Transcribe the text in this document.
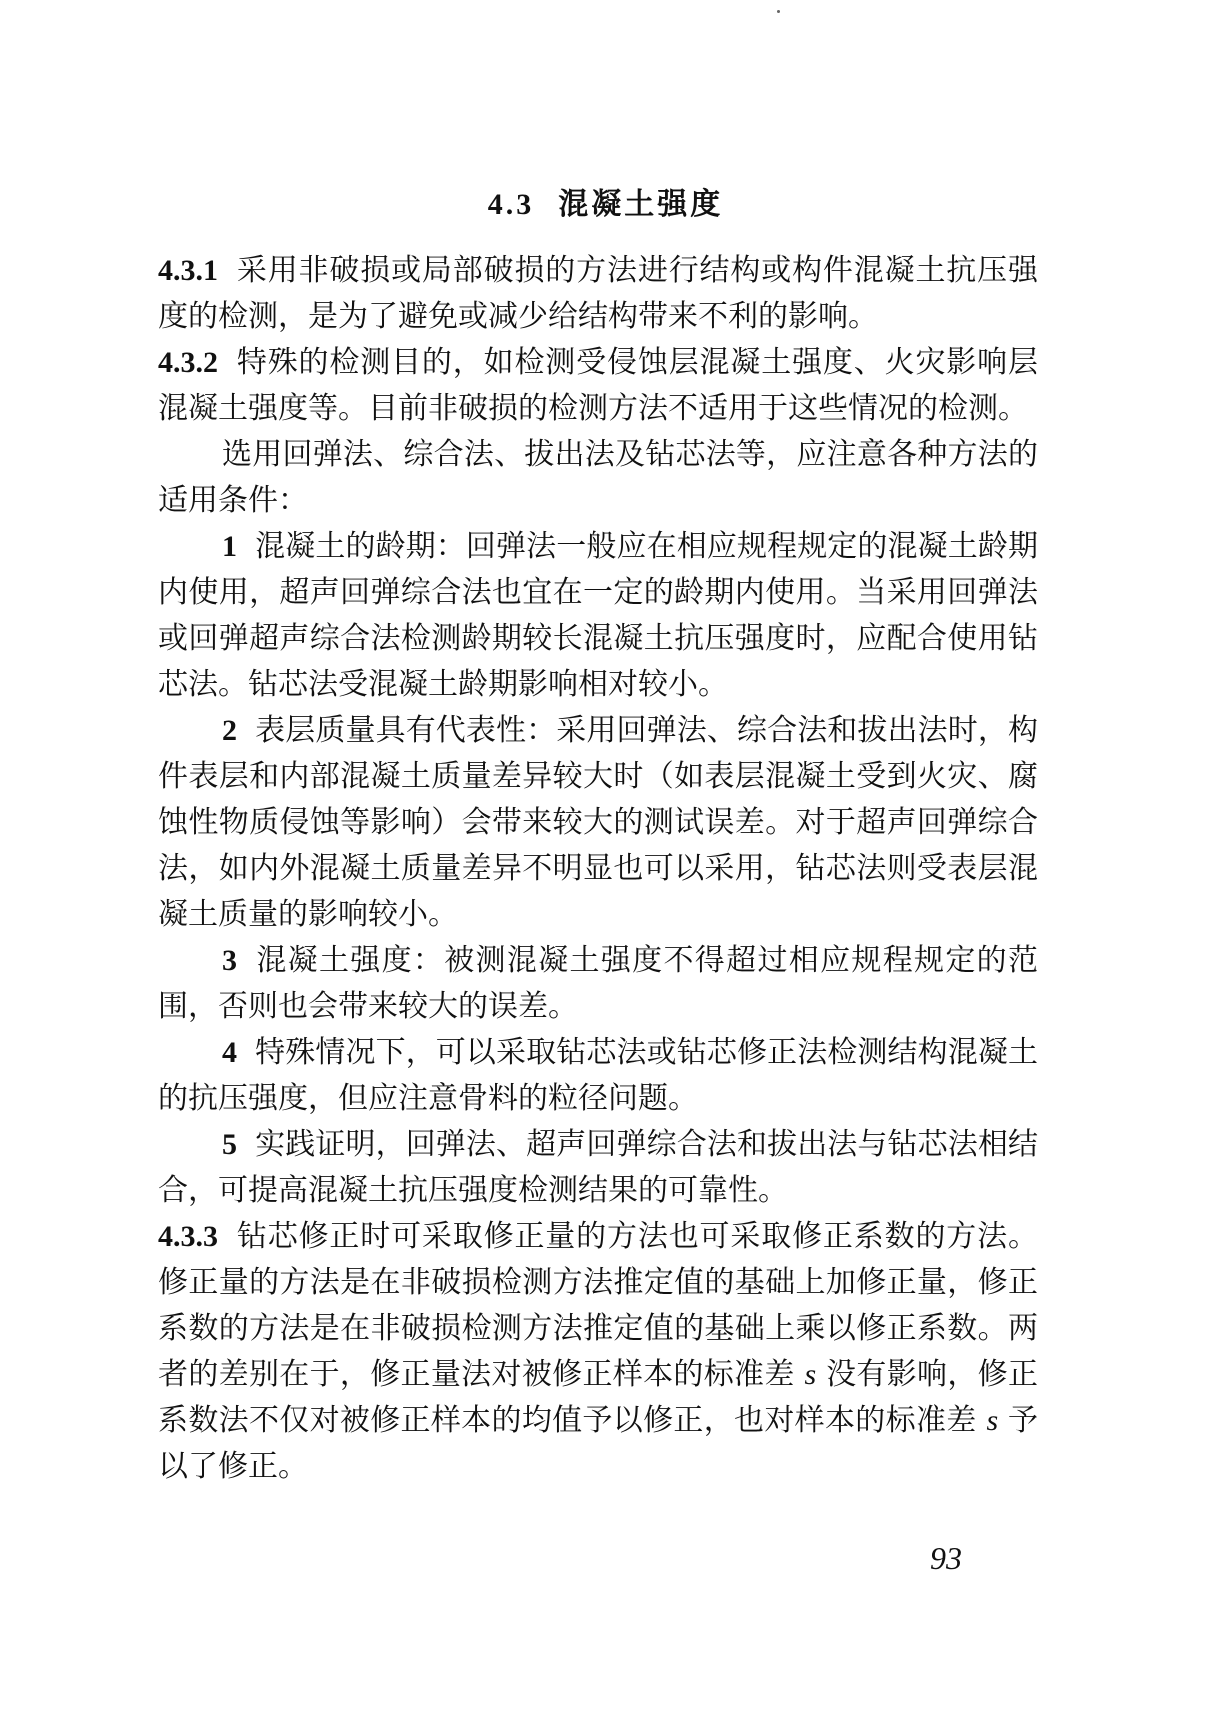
4.3 混凝土强度

4.3.1 采用非破损或局部破损的方法进行结构或构件混凝土抗压强度的检测，是为了避免或减少给结构带来不利的影响。

4.3.2 特殊的检测目的，如检测受侵蚀层混凝土强度、火灾影响层混凝土强度等。目前非破损的检测方法不适用于这些情况的检测。

选用回弹法、综合法、拔出法及钻芯法等，应注意各种方法的适用条件：

1 混凝土的龄期：回弹法一般应在相应规程规定的混凝土龄期内使用，超声回弹综合法也宜在一定的龄期内使用。当采用回弹法或回弹超声综合法检测龄期较长混凝土抗压强度时，应配合使用钻芯法。钻芯法受混凝土龄期影响相对较小。

2 表层质量具有代表性：采用回弹法、综合法和拔出法时，构件表层和内部混凝土质量差异较大时（如表层混凝土受到火灾、腐蚀性物质侵蚀等影响）会带来较大的测试误差。对于超声回弹综合法，如内外混凝土质量差异不明显也可以采用，钻芯法则受表层混凝土质量的影响较小。

3 混凝土强度：被测混凝土强度不得超过相应规程规定的范围，否则也会带来较大的误差。

4 特殊情况下，可以采取钻芯法或钻芯修正法检测结构混凝土的抗压强度，但应注意骨料的粒径问题。

5 实践证明，回弹法、超声回弹综合法和拔出法与钻芯法相结合，可提高混凝土抗压强度检测结果的可靠性。

4.3.3 钻芯修正时可采取修正量的方法也可采取修正系数的方法。修正量的方法是在非破损检测方法推定值的基础上加修正量，修正系数的方法是在非破损检测方法推定值的基础上乘以修正系数。两者的差别在于，修正量法对被修正样本的标准差 s 没有影响，修正系数法不仅对被修正样本的均值予以修正，也对样本的标准差 s 予以了修正。

93
